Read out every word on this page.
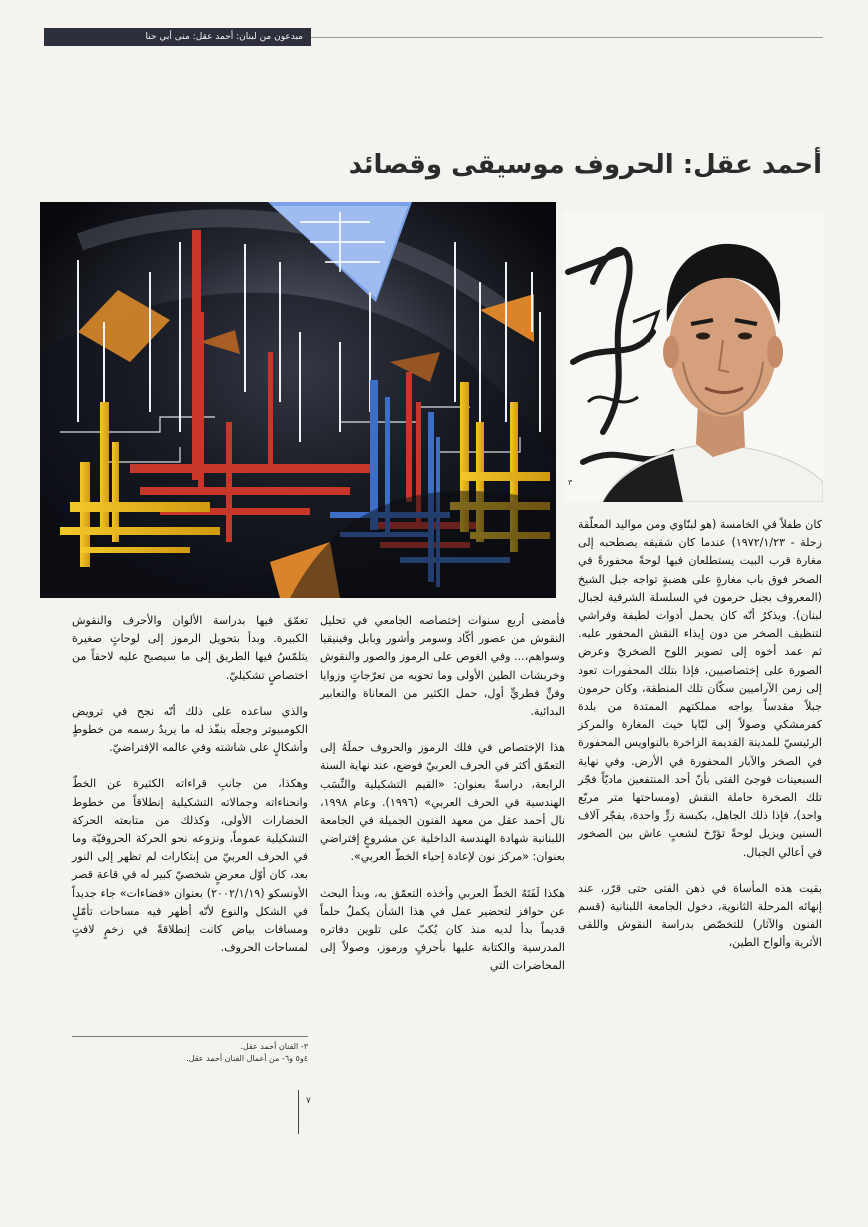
مبدعون من لبنان: أحمد عقل: منى أبي حنا
أحمد عقل: الحروف موسيقى وقصائد
٣

كان طفلاً في الخامسة (هو لبنّاوي ومن مواليد المعلّقة زحلة - ١٩٧٢/١/٢٣) عندما كان شقيقه يصطحبه إلى مغارة قرب البيت يستطلعان فيها لوحةً محفورةً في الصخر فوق باب مغارةٍ على هضبةٍ تواجه جبل الشيخ (المعروف بجبل حرمون في السلسلة الشرقية لجبال لبنان). ويذكرُ أنّه كان يحمل أدوات لطيفة وفراشي لتنظيف الصخر من دون إيذاء النقش المحفور عليه. ثم عمد أخوه إلى تصوير اللوح الصخريّ وعرض الصورة على إختصاصيين، فإذا بتلك المحفورات تعود إلى زمن الآراميين سكّان تلك المنطقة، وكان حرمون جبلاً مقدساً يواجه مملكتهم الممتدة من بلدة كفرمشكي وصولاً إلى لبّايا حيث المغارة والمركز الرئيسيّ للمدينة القديمة الزاخرة بالنواويس المحفورة في الصخر والآبار المحفورة في الأرض. وفي نهاية السبعينات فوجئ الفتى بأنّ أحد المنتفعين ماديّاً فجّر تلك الصخرة حاملة النقش (ومساحتها متر مربّع واحد)، فإذا ذلك الجاهل، بكبسة زرٍّ واحدة، يفجّر آلاف السنين ويزيل لوحةً تؤرّخ لشعبٍ عاش بين الصخور في أعالي الجبال.

بقيت هذه المأساة في ذهن الفتى حتى قرّر، عند إنهائه المرحلة الثانوية، دخول الجامعة اللبنانية (قسم الفنون والآثار) للتخصّص بدراسة النقوش واللقى الأثرية وألواح الطين،

فأمضى أربع سنوات إختصاصه الجامعي في تحليل النقوش من عصور أكّاد وسومر وأشور وبابل وفينيقيا وسواهم،... وفي الغوص على الرموز والصور والنقوش وخربشات الطين الأولى وما تحويه من تعرّجاتٍ وزوايا وفنٍّ فطريٍّ أول، حمل الكثير من المعاناة والتعابير البدائية.

هذا الإختصاص في فلك الرموز والحروف حملَهُ إلى التعمّق أكثر في الحرف العربيّ فوضع، عند نهاية السنة الرابعة، دراسةً بعنوان: «القيم التشكيلية والنِّسَب الهندسية في الحرف العربي» (١٩٩٦). وعام ١٩٩٨، نال أحمد عقل من معهد الفنون الجميلة في الجامعة اللبنانية شهادة الهندسة الداخلية عن مشروعٍ إفتراضي بعنوان: «مركز نون لإعادة إحياء الخطّ العربي».

هكذا لَفَتَهُ الخطّ العربي وأخذه التعمّق به، وبدأ البحث عن حوافز لتحضير عمل في هذا الشأن يكملُ حلماً قديماً بدأ لديه منذ كان يُكبّ على تلوين دفاتره المدرسية والكتابة عليها بأحرفٍ ورموز، وصولاً إلى المحاضرات التي

تعمّق فيها بدراسة الألوان والأحرف والنقوش الكبيرة. وبدأ بتحويل الرموز إلى لوحاتٍ صغيرة يتلمّسُ فيها الطريق إلى ما سيصبح عليه لاحقاً من اختصاصٍ تشكيليّ.

والذي ساعده على ذلك أنّه نجح في ترويض الكومبيوتر وجعلَه ينفّذ له ما يريدُ رسمه من خطوطٍ وأشكالٍ على شاشته وفي عالمه الإفتراضيّ.

وهكذا، من جانبِ قراءاته الكثيرة عن الخطّ وانحناءاته وجمالاته التشكيلية إنطلاقاً من خطوط الحضارات الأولى، وكذلك من متابعته الحركة التشكيلية عموماً، ونزوعه نحو الحركة الحروفيّة وما في الحرف العربيّ من إبتكارات لم تظهر إلى النور بعد، كان أوّل معرضٍ شخصيّ كبير له في قاعة قصر الأونسكو (٢٠٠٢/١/١٩) بعنوان «فضاءات» جاء جديداً في الشكل والنوع لأنّه أظهر فيه مساحات تأمّلٍ ومسافات بياض كانت إنطلاقةً في زخمٍ لافتٍ لمساحات الحروف.

٣- الفنان أحمد عقل.
٤و٥ و٦- من أعمال الفنان أحمد عقل.
٧
